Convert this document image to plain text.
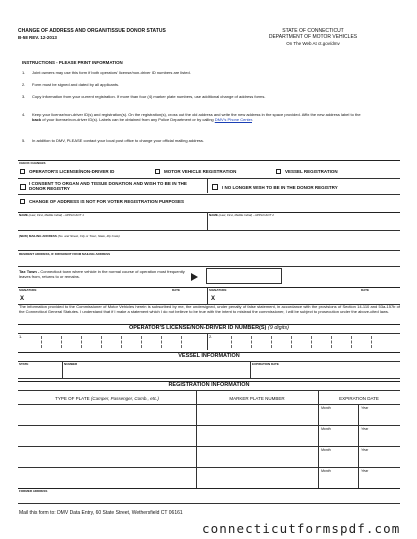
CHANGE OF ADDRESS AND ORGAN/TISSUE DONOR STATUS
B-58 REV. 12-2013
STATE OF CONNECTICUT
DEPARTMENT OF MOTOR VEHICLES
On The Web At ct.gov/dmv
INSTRUCTIONS - PLEASE PRINT INFORMATION
1. Joint owners may use this form if both operators' license/non-driver ID numbers are listed.
2. Form must be signed and dated by all applicants.
3.	Copy information from your current registration. If more than four (4) marker plate numbers, use additional change of address forms.
4.	Keep your license/non-driver ID(s) and registration(s). On the registration(s), cross out the old address and write the new address in the space provided. Affix the new address label to the back of your license/non-driver ID(s). Labels can be obtained from any Police Department or by calling DMV's Phone Center.
5. In addition to DMV, PLEASE contact your local post office to change your official mailing address.
CHECK CHANGES
OPERATOR'S LICENSE/NON-DRIVER ID	MOTOR VEHICLE REGISTRATION	VESSEL REGISTRATION
I CONSENT TO ORGAN AND TISSUE DONATION AND WISH TO BE IN THE DONOR REGISTRY	I NO LONGER WISH TO BE IN THE DONOR REGISTRY
CHANGE OF ADDRESS IS NOT FOR VOTER REGISTRATION PURPOSES
NAME (Last, First, Middle Initial) - APPLICANT 1	NAME (Last, First, Middle Initial) - APPLICANT 2
(NEW) MAILING ADDRESS (No. and Street, City or Town, State, Zip Code)
RESIDENT ADDRESS, IF DIFFERENT FROM MAILING ADDRESS
Tax Town - Connecticut town where vehicle in the normal course of operation most frequently leaves from, returns to or remains.
SIGNATURE	DATE	SIGNATURE	DATE
X	X
The information provided to the Commissioner of Motor Vehicles herein is subscribed by me, the undersigned, under penalty of false statement, in accordance with the provisions of Section 14-110 and 53a-157b of the Connecticut General Statutes. I understand that if I make a statement which I do not believe to be true with the intent to mislead the commissioner, I will be subject to prosecution under the above-cited laws.
OPERATOR'S LICENSE/NON-DRIVER ID NUMBER(S) (9 digits)
1.	2.
VESSEL INFORMATION
STATE	NUMBER	EXPIRATION DATE
REGISTRATION INFORMATION
TYPE OF PLATE (Camper, Passenger, Comb., etc.)	MARKER PLATE NUMBER	EXPIRATION DATE
Month	Year
Month	Year
Month	Year
Month	Year
FORMER ADDRESS
Mail this form to: DMV Data Entry, 60 State Street, Wethersfield CT 06161
connecticutformspdf.com
